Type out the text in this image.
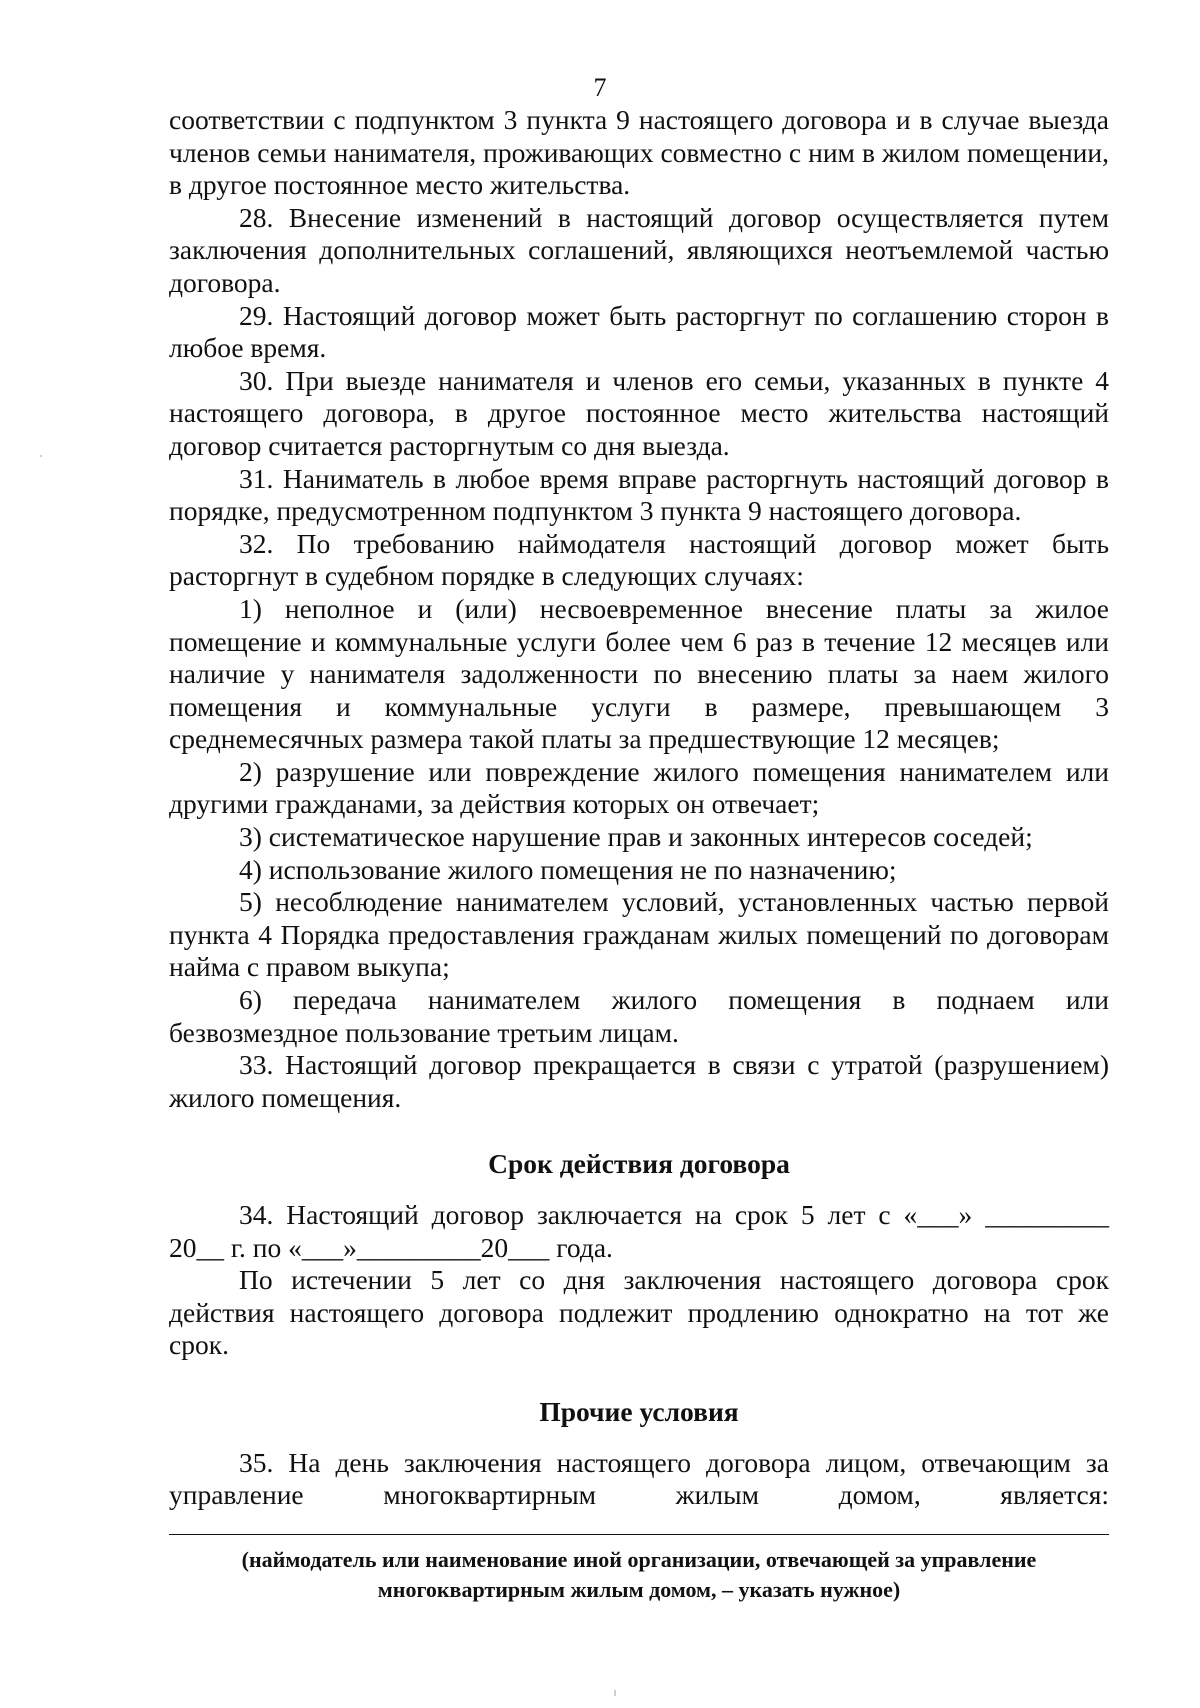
7

соответствии с подпунктом 3 пункта 9 настоящего договора и в случае выезда членов семьи нанимателя, проживающих совместно с ним в жилом помещении, в другое постоянное место жительства.

28. Внесение изменений в настоящий договор осуществляется путем заключения дополнительных соглашений, являющихся неотъемлемой частью договора.

29. Настоящий договор может быть расторгнут по соглашению сторон в любое время.

30. При выезде нанимателя и членов его семьи, указанных в пункте 4 настоящего договора, в другое постоянное место жительства настоящий договор считается расторгнутым со дня выезда.

31. Наниматель в любое время вправе расторгнуть настоящий договор в порядке, предусмотренном подпунктом 3 пункта 9 настоящего договора.

32. По требованию наймодателя настоящий договор может быть расторгнут в судебном порядке в следующих случаях:

1) неполное и (или) несвоевременное внесение платы за жилое помещение и коммунальные услуги более чем 6 раз в течение 12 месяцев или наличие у нанимателя задолженности по внесению платы за наем жилого помещения и коммунальные услуги в размере, превышающем 3 среднемесячных размера такой платы за предшествующие 12 месяцев;

2) разрушение или повреждение жилого помещения нанимателем или другими гражданами, за действия которых он отвечает;

3) систематическое нарушение прав и законных интересов соседей;

4) использование жилого помещения не по назначению;

5) несоблюдение нанимателем условий, установленных частью первой пункта 4 Порядка предоставления гражданам жилых помещений по договорам найма с правом выкупа;

6) передача нанимателем жилого помещения в поднаем или безвозмездное пользование третьим лицам.

33. Настоящий договор прекращается в связи с утратой (разрушением) жилого помещения.

Срок действия договора

34. Настоящий договор заключается на срок 5 лет с «___» _________

20__ г. по «___»_________20___ года.

По истечении 5 лет со дня заключения настоящего договора срок действия настоящего договора подлежит продлению однократно на тот же срок.

Прочие условия

35. На день заключения настоящего договора лицом, отвечающим за

управление многоквартирным жилым домом, является:

(наймодатель или наименование иной организации, отвечающей за управление

многоквартирным жилым домом, – указать нужное)
